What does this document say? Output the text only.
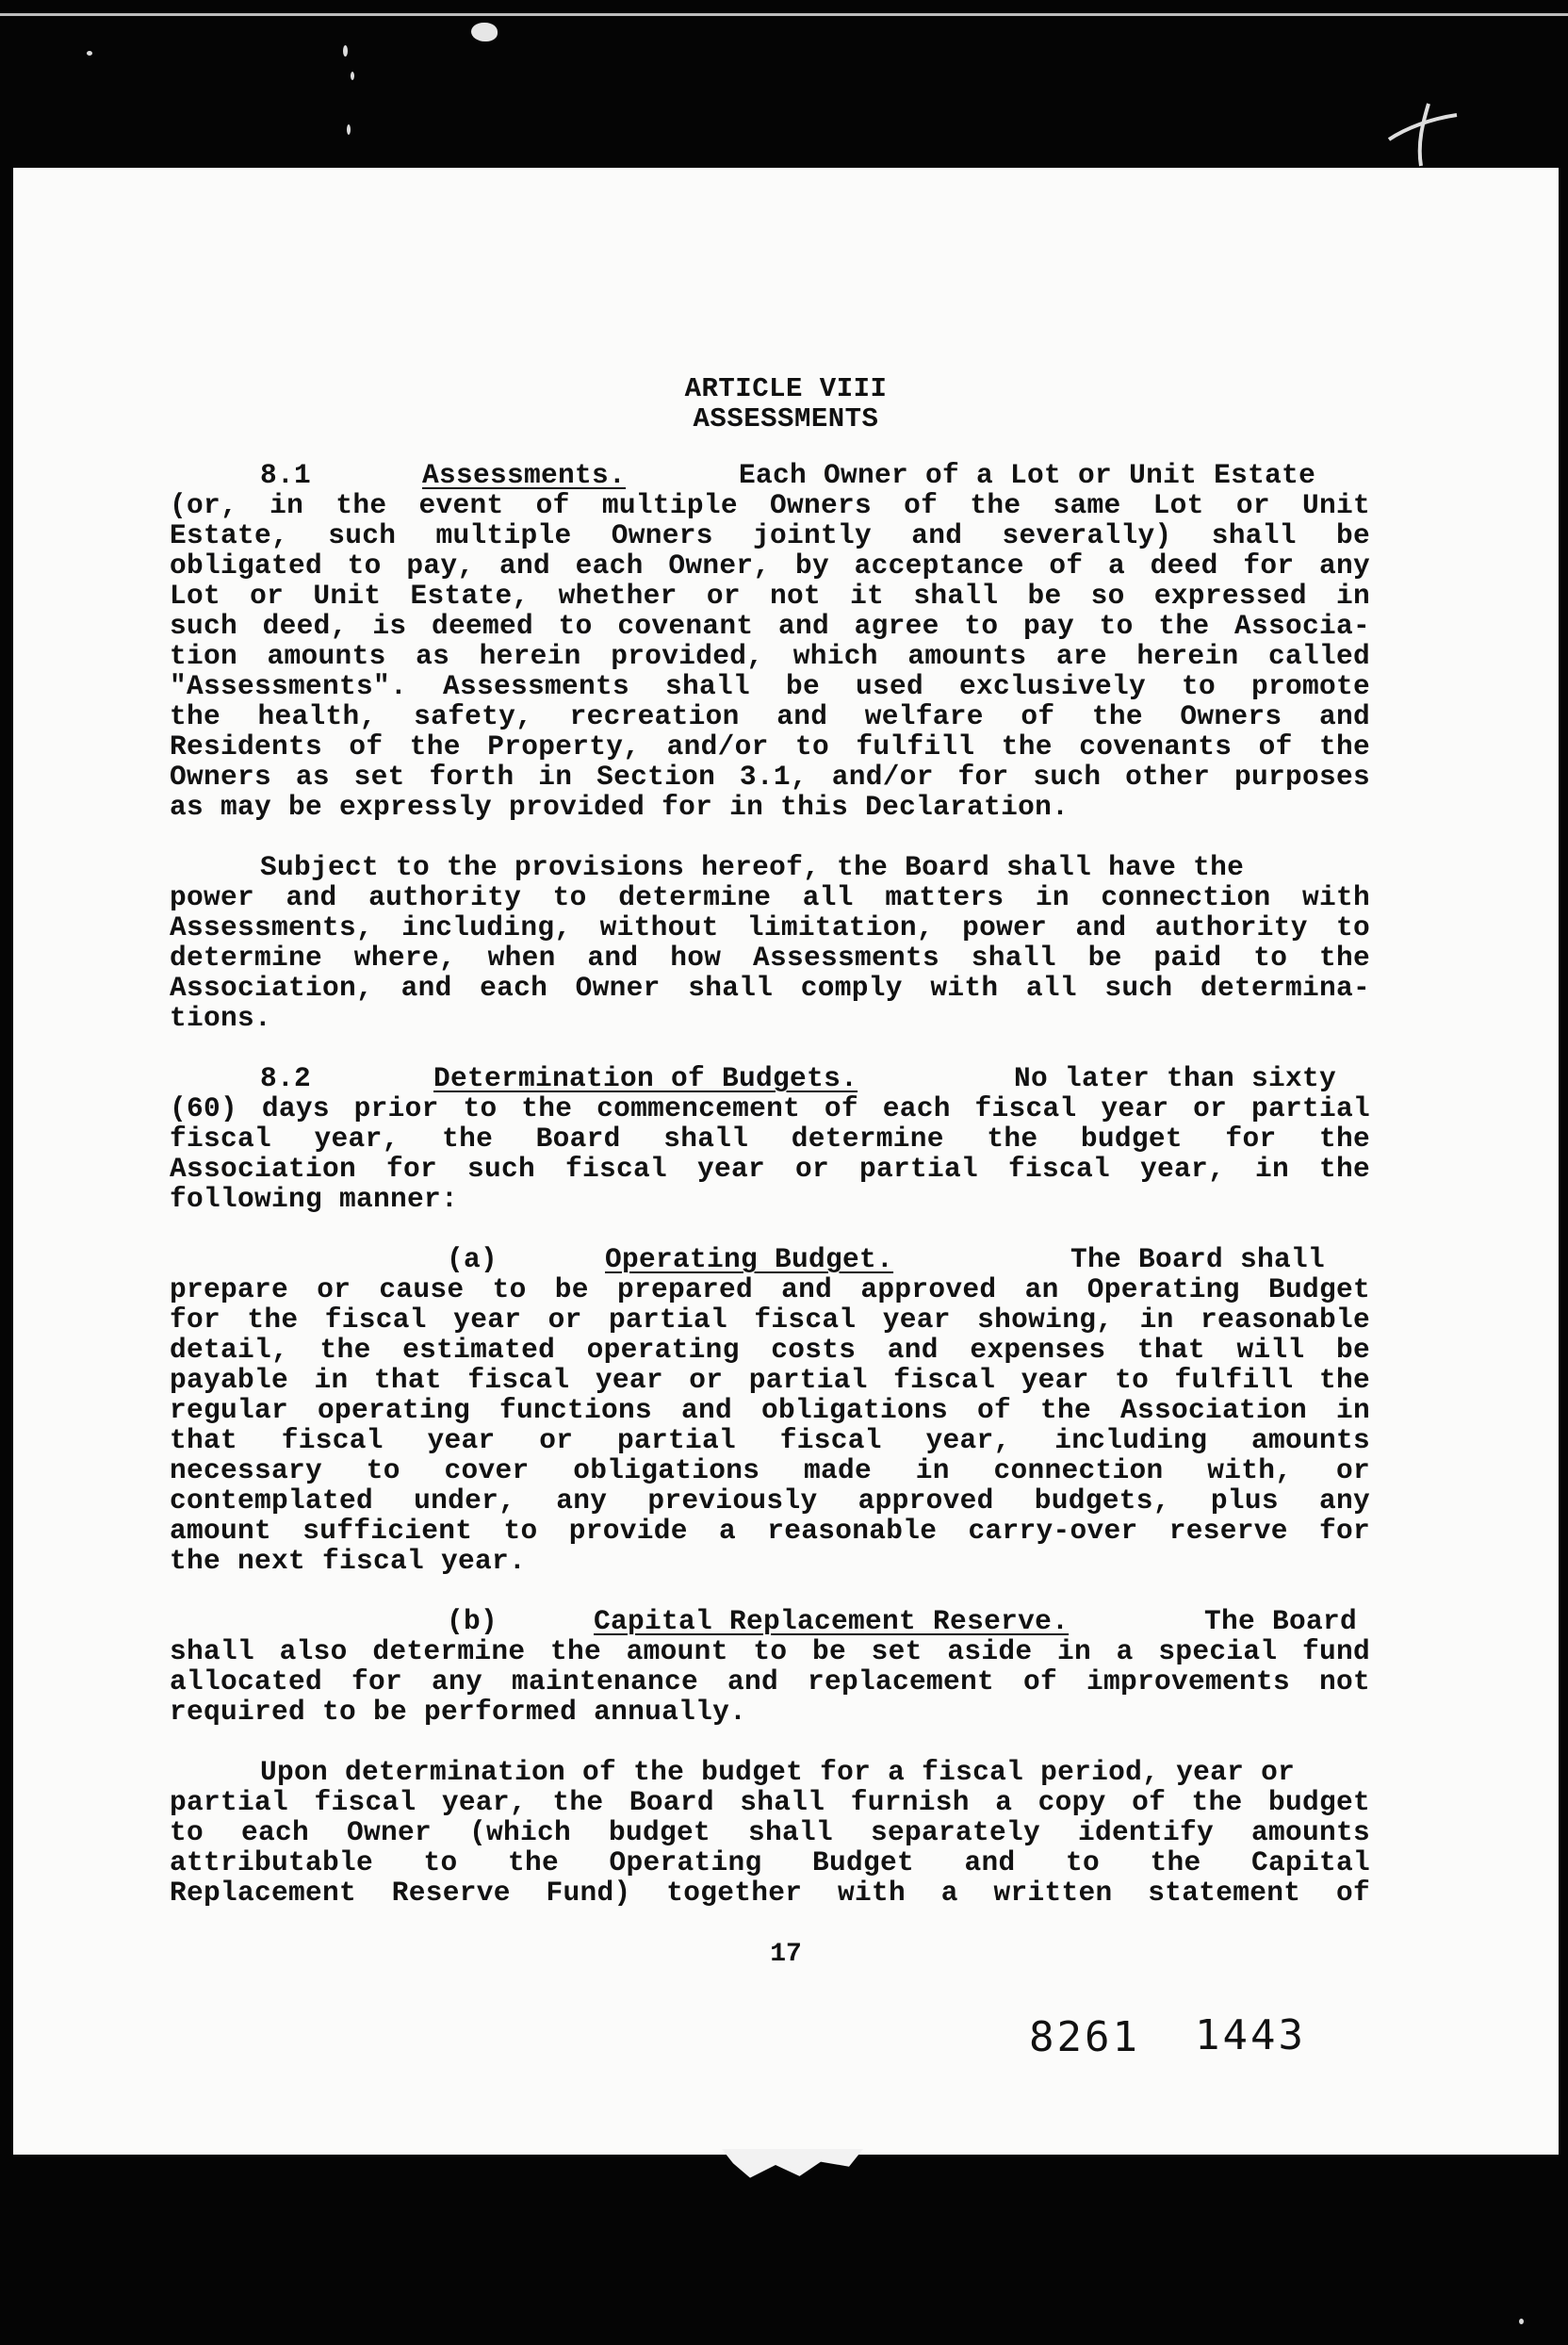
ARTICLE VIII
ASSESSMENTS
8.1	Assessments.	Each Owner of a Lot or Unit Estate
(or, in the event of multiple Owners of the same Lot or Unit
Estate, such multiple Owners jointly and severally) shall be
obligated to pay, and each Owner, by acceptance of a deed for any
Lot or Unit Estate, whether or not it shall be so expressed in
such deed, is deemed to covenant and agree to pay to the Associa-
tion amounts as herein provided, which amounts are herein called
"Assessments". Assessments shall be used exclusively to promote
the health, safety, recreation and welfare of the Owners and
Residents of the Property, and/or to fulfill the covenants of the
Owners as set forth in Section 3.1, and/or for such other purposes
as may be expressly provided for in this Declaration.
Subject to the provisions hereof, the Board shall have the
power and authority to determine all matters in connection with
Assessments, including, without limitation, power and authority to
determine where, when and how Assessments shall be paid to the
Association, and each Owner shall comply with all such determina-
tions.
8.2	Determination of Budgets.	No later than sixty
(60) days prior to the commencement of each fiscal year or partial
fiscal year, the Board shall determine the budget for the
Association for such fiscal year or partial fiscal year, in the
following manner:
(a)	Operating Budget.	The Board shall
prepare or cause to be prepared and approved an Operating Budget
for the fiscal year or partial fiscal year showing, in reasonable
detail, the estimated operating costs and expenses that will be
payable in that fiscal year or partial fiscal year to fulfill the
regular operating functions and obligations of the Association in
that fiscal year or partial fiscal year, including amounts
necessary to cover obligations made in connection with, or
contemplated under, any previously approved budgets, plus any
amount sufficient to provide a reasonable carry-over reserve for
the next fiscal year.
(b)	Capital Replacement Reserve.	The Board
shall also determine the amount to be set aside in a special fund
allocated for any maintenance and replacement of improvements not
required to be performed annually.
Upon determination of the budget for a fiscal period, year or
partial fiscal year, the Board shall furnish a copy of the budget
to each Owner (which budget shall separately identify amounts
attributable to the Operating Budget and to the Capital
Replacement Reserve Fund) together with a written statement of
17
8261 1443
